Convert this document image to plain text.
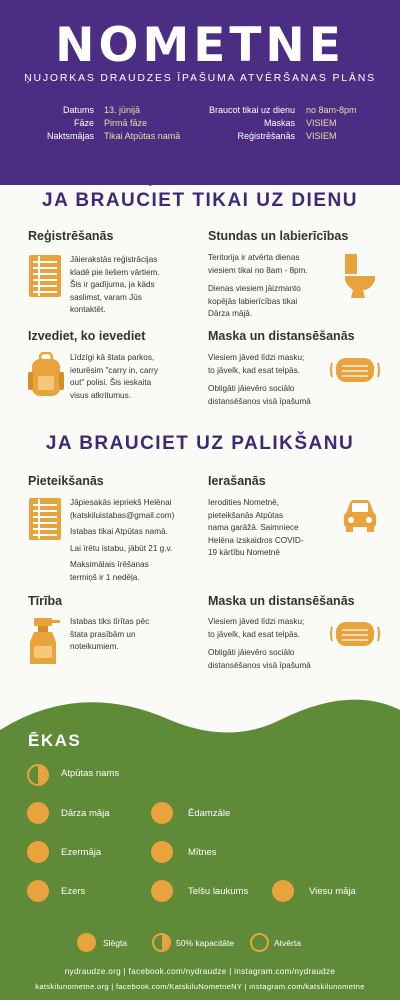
NOMETNE
ŅUJORKAS DRAUDZES ĪPAŠUMA ATVĒRŠANAS PLĀNS
Datums 13. jūnijā
Fāze Pirmā fāze
Naktsmājas Tikai Atpūtas namā
Braucot tikai uz dienu no 8am-8pm
Maskas VISIEM
Reģistrēšanās VISIEM
JA BRAUCIET TIKAI UZ DIENU
Reģistrēšanās
Jāierakstās reģistrācijas
kladē pie lieliem vārtiem.
Šis ir gadījuma, ja kāds
saslimst, varam Jūs
kontaktēt.
Stundas un labierīcības
Teritorija ir atvērta dienas
viesiem tikai no 8am - 8pm.
Dienas viesiem jāizmanto
kopējās labierīcības tikai
Dārza mājā.
Izvediet, ko ievediet
Līdzīgi kā štata parkos,
ieturēsim "carry in, carry
out" polisi. Šis ieskaita
visus atkritumus.
Maska un distansēšanās
Viesiem jāved līdzi masku;
to jāvelk, kad esat telpās.
Obligāti jāievēro sociālo
distansēšanos visā īpašumā
JA BRAUCIET UZ PALIKŠANU
Pieteikšanās
Jāpiesakās iepriekš Helēnai
(katskiluistabas@gmail.com)
Istabas tikai Atpūtas namā.
Lai īrētu istabu, jābūt 21 g.v.
Maksimālais īrēšanas
termiņš ir 1 nedēļa.
Ierašanās
Ierodities Nometnē,
pieteikšanās Atpūtas
nama garāžā. Saimniece
Helēna izskaidros COVID-
19 kārtību Nometnē
Tīrība
Istabas tiks tīrītas pēc
štata prasībām un
noteikumiem.
Maska un distansēšanās
Viesiem jāved līdzi masku;
to jāvelk, kad esat telpās.
Obligāti jāievēro sociālo
distansēšanos visā īpašumā
ĒKAS
Atpūtas nams
Dārza māja	Ēdamzāle
Ezermāja	Mītnes
Ezers	Telšu laukums	Viesu māja
Slēgta	50% kapacitāte	Atvērta
nydraudze.org | facebook.com/nydraudze | instagram.com/nydraudze
katskilunometne.org | facebook.com/KatskiluNometneNY | instagram.com/katskilunometne
